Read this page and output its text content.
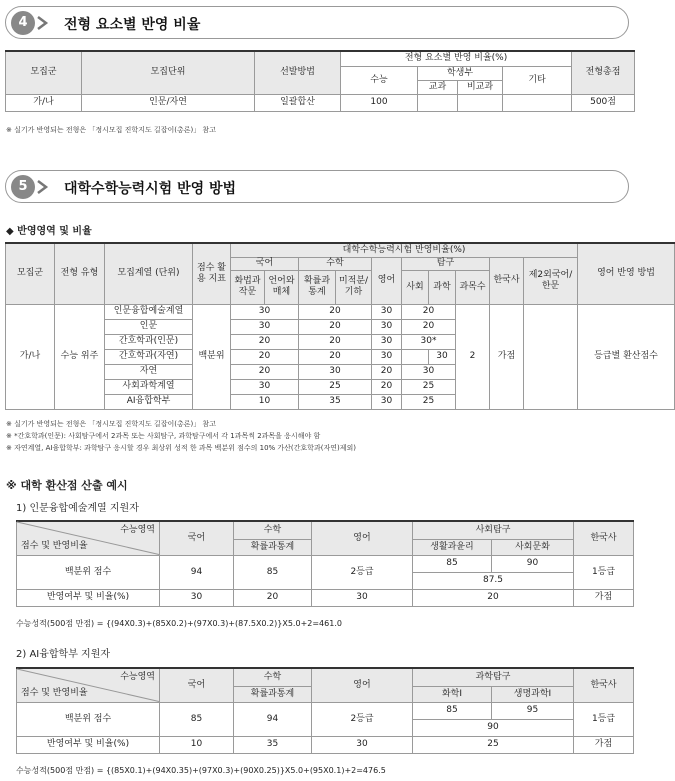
4	전형 요소별 반영 비율
모집군	모집단위	선발방법	전형 요소별 반영 비율(%)				전형총점
			수능	학생부		기타	
				교과	비교과		
가/나	인문/자연	일괄합산	100				500점
※ 실기가 반영되는 전형은 「정시모집 진학지도 길잡이(총론)」 참고
5	대학수학능력시험 반영 방법
◆ 반영영역 및 비율
모집군	전형 유형	모집계열 (단위)	점수 활용 지표	대학수학능력시험 반영비율(%)										영어 반영 방법
				국어		수학		영어	탐구			한국사	제2외국어/ 한문	
				화법과 작문	언어와 매체	확률과 통계	미적분/ 기하		사회	과학	과목수			
가/나	수능 위주	인문융합예술계열	백분위	30		20		30	20		2	가점		등급별 환산점수
		인문		30		20		30	20					
		간호학과(인문)		20		20		30	30*					
		간호학과(자연)		20		20		30		30				
		자연		20		30		20	30					
		사회과학계열		30		25		20	25					
		AI융합학부		10		35		30	25					
※ 실기가 반영되는 전형은 「정시모집 진학지도 길잡이(총론)」 참고
※ *간호학과(인문): 사회탐구에서 2과목 또는 사회탐구, 과학탐구에서 각 1과목씩 2과목을 응시해야 함
※ 자연계열, AI융합학부: 과학탐구 응시할 경우 최상위 성적 한 과목 백분위 점수의 10% 가산(간호학과(자연)제외)
※ 대학 환산점 산출 예시
1) 인문융합예술계열 지원자
수능영역
점수 및 반영비율	국어	수학	영어	사회탐구		한국사
		확률과통계		생활과윤리	사회문화	
백분위 점수	94	85	2등급	85	90	1등급
				87.5		
반영여부 및 비율(%)	30	20	30	20		가점
수능성적(500점 만점) = {(94X0.3)+(85X0.2)+(97X0.3)+(87.5X0.2)}X5.0+2=461.0
2) AI융합학부 지원자
수능영역
점수 및 반영비율	국어	수학	영어	과학탐구		한국사
		확률과통계		화학Ⅰ	생명과학Ⅰ	
백분위 점수	85	94	2등급	85	95	1등급
				90		
반영여부 및 비율(%)	10	35	30	25		가점
수능성적(500점 만점) = {(85X0.1)+(94X0.35)+(97X0.3)+(90X0.25)}X5.0+(95X0.1)+2=476.5
